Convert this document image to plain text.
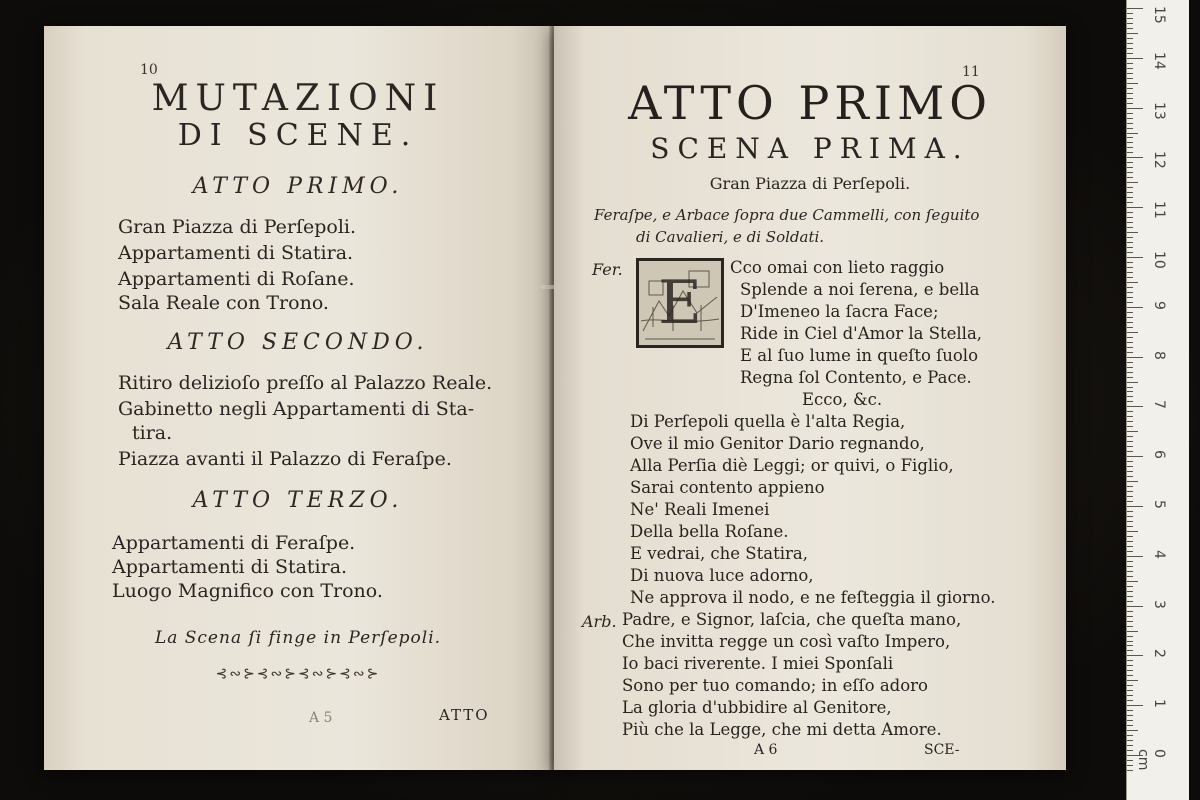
10
MUTAZIONI
DI SCENE.
ATTO PRIMO.
Gran Piazza di Perſepoli.
Appartamenti di Statira.
Appartamenti di Roſane.
Sala Reale con Trono.
ATTO SECONDO.
Ritiro delizioſo preſſo al Palazzo Reale.
Gabinetto negli Appartamenti di Sta-
tira.
Piazza avanti il Palazzo di Feraſpe.
ATTO TERZO.
Appartamenti di Feraſpe.
Appartamenti di Statira.
Luogo Magnifico con Trono.
La Scena ſi finge in Perſepoli.
⊰∾⊱⊰∾⊱⊰∾⊱⊰∾⊱
A 5	ATTO
11
ATTO PRIMO
SCENA PRIMA.
Gran Piazza di Perſepoli.
Feraſpe, e Arbace ſopra due Cammelli, con ſeguito
di Cavalieri, e di Soldati.
Fer. E
Cco omai con lieto raggio
Splende a noi ſerena, e bella
D'Imeneo la ſacra Face;
Ride in Ciel d'Amor la Stella,
E al ſuo lume in queſto ſuolo
Regna ſol Contento, e Pace.
Ecco, &c.
Di Perſepoli quella è l'alta Regia,
Ove il mio Genitor Dario regnando,
Alla Perſia diè Leggi; or quivi, o Figlio,
Sarai contento appieno
Ne' Reali Imenei
Della bella Roſane.
E vedrai, che Statira,
Di nuova luce adorno,
Ne approva il nodo, e ne feſteggia il giorno.
Arb. Padre, e Signor, laſcia, che queſta mano,
Che invitta regge un così vaſto Impero,
Io baci riverente. I miei Sponſali
Sono per tuo comando; in eſſo adoro
La gloria d'ubbidire al Genitore,
Più che la Legge, che mi detta Amore.
A 6	SCE-
15
14
13
12
11
10
9
8
7
6
5
4
3
2
1
0 cm
